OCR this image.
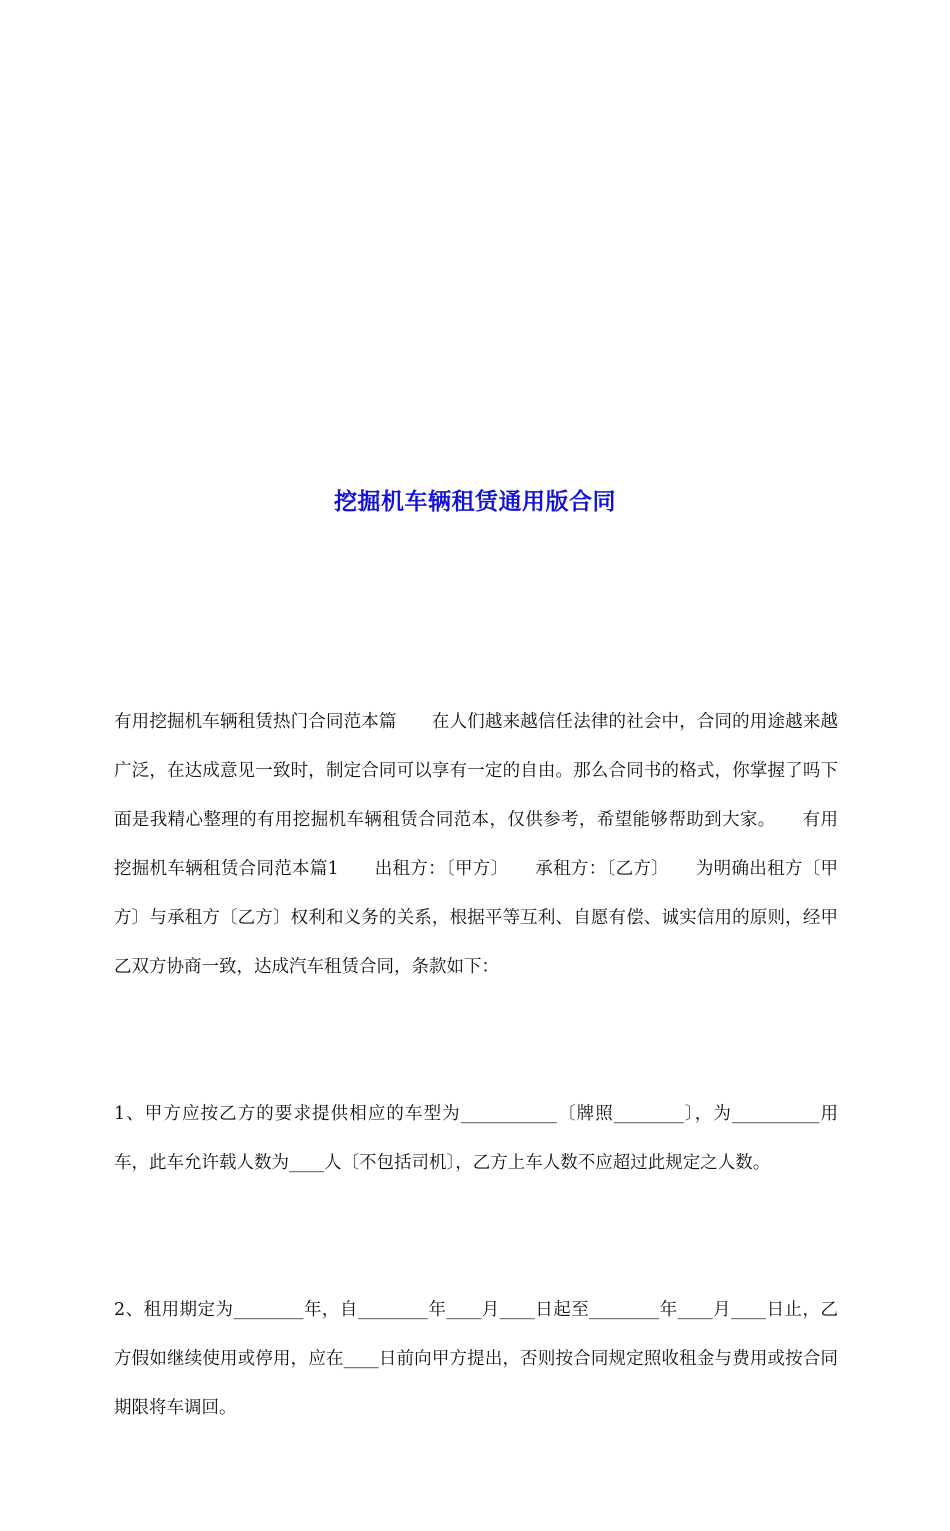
挖掘机车辆租赁通用版合同

有用挖掘机车辆租赁热门合同范本篇　　在人们越来越信任法律的社会中，合同的用途越来越广泛，在达成意见一致时，制定合同可以享有一定的自由。那么合同书的格式，你掌握了吗下面是我精心整理的有用挖掘机车辆租赁合同范本，仅供参考，希望能够帮助到大家。　　有用挖掘机车辆租赁合同范本篇1　　出租方：〔甲方〕　　承租方：〔乙方〕　　为明确出租方〔甲方〕与承租方〔乙方〕权利和义务的关系，根据平等互利、自愿有偿、诚实信用的原则，经甲乙双方协商一致，达成汽车租赁合同，条款如下：

1、甲方应按乙方的要求提供相应的车型为___________〔牌照________〕，为__________用车，此车允许载人数为____人〔不包括司机〕，乙方上车人数不应超过此规定之人数。

2、租用期定为________年，自________年____月____日起至________年____月____日止，乙方假如继续使用或停用，应在____日前向甲方提出，否则按合同规定照收租金与费用或按合同期限将车调回。
